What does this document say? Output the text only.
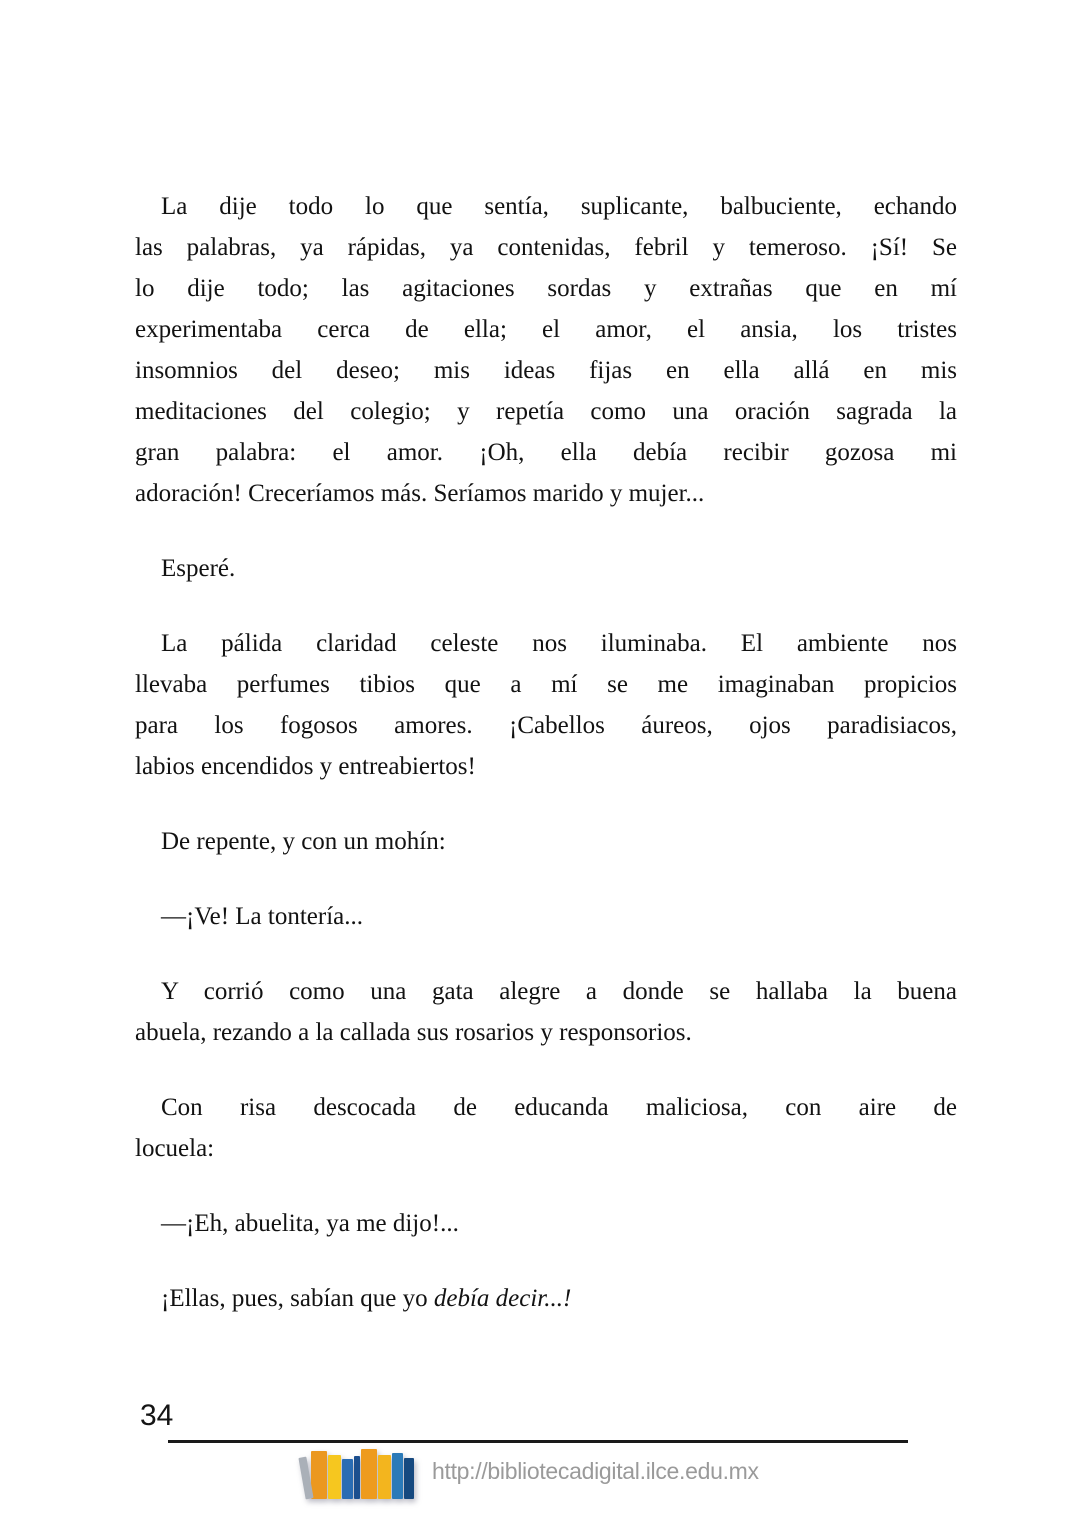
La dije todo lo que sentía, suplicante, balbuciente, echando
las palabras, ya rápidas, ya contenidas, febril y temeroso. ¡Sí! Se
lo dije todo; las agitaciones sordas y extrañas que en mí
experimentaba cerca de ella; el amor, el ansia, los tristes
insomnios del deseo; mis ideas fijas en ella allá en mis
meditaciones del colegio; y repetía como una oración sagrada la
gran palabra: el amor. ¡Oh, ella debía recibir gozosa mi
adoración! Creceríamos más. Seríamos marido y mujer...
Esperé.
La pálida claridad celeste nos iluminaba. El ambiente nos
llevaba perfumes tibios que a mí se me imaginaban propicios
para los fogosos amores. ¡Cabellos áureos, ojos paradisiacos,
labios encendidos y entreabiertos!
De repente, y con un mohín:
—¡Ve! La tontería...
Y corrió como una gata alegre a donde se hallaba la buena
abuela, rezando a la callada sus rosarios y responsorios.
Con risa descocada de educanda maliciosa, con aire de
locuela:
—¡Eh, abuelita, ya me dijo!...
¡Ellas, pues, sabían que yo debía decir...!
34
http://bibliotecadigital.ilce.edu.mx
